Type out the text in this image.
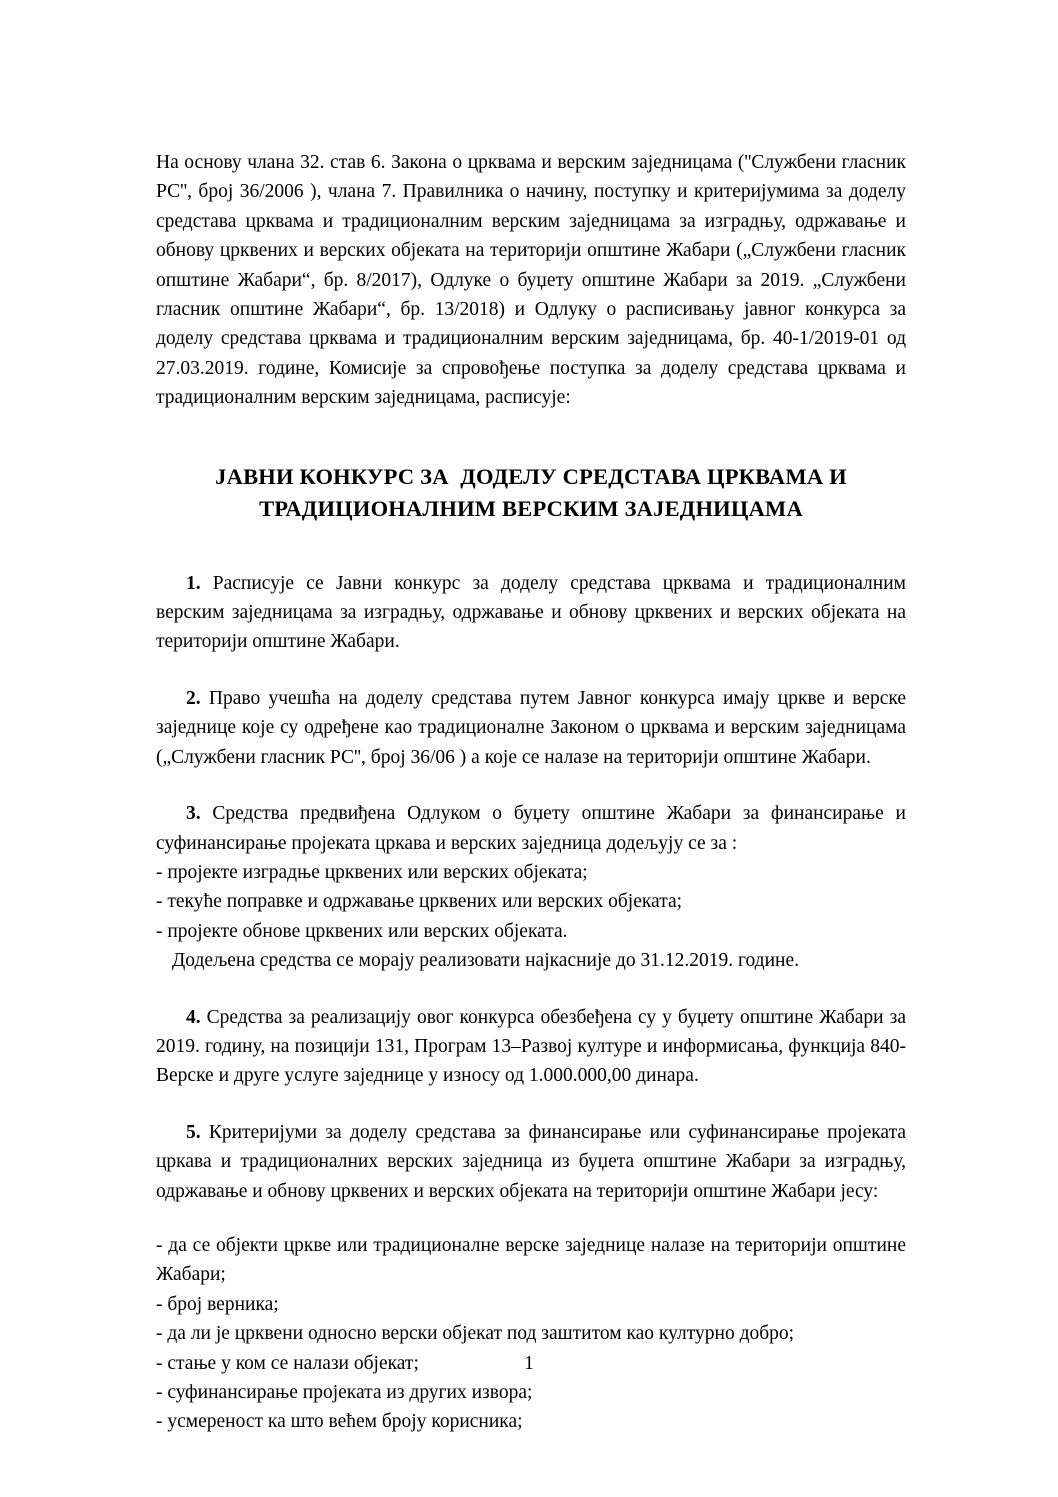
На основу члана 32. став 6. Закона о црквама и верским заједницама (''Службени гласник РС'', број 36/2006 ), члана 7. Правилника о начину, поступку и критеријумима за доделу средстава црквама и традиционалним верским заједницама за изградњу, одржавање и обнову црквених и верских објеката на територији општине Жабари („Службени гласник општине Жабари“, бр. 8/2017), Одлуке о буџету општине Жабари за 2019. „Службени гласник општине Жабари“, бр. 13/2018) и Одлуку о расписивању јавног конкурса за доделу средстава црквама и традиционалним верским заједницама, бр. 40-1/2019-01 од 27.03.2019. године, Комисије за спровођење поступка за доделу средстава црквама и традиционалним верским заједницама, расписује:

ЈАВНИ КОНКУРС ЗА  ДОДЕЛУ СРЕДСТАВА ЦРКВАМА И
ТРАДИЦИОНАЛНИМ ВЕРСКИМ ЗАЈЕДНИЦАМА

1. Расписује се Јавни конкурс за доделу средстава црквама и традиционалним верским заједницама за изградњу, одржавање и обнову црквених и верских објеката на територији општине Жабари.

2. Право учешћа на доделу средстава путем Јавног конкурса имају цркве и верске заједнице које су одређене као традиционалне Законом о црквама и верским заједницама („Службени гласник РС'', број 36/06 ) а које се налазе на територији општине Жабари.

3. Средства предвиђена Одлуком о буџету општине Жабари за финансирање и суфинансирање пројеката цркава и верских заједница додељују се за :

- пројекте изградње црквених или верских објеката;

- текуће поправке и одржавање црквених или верских објеката;

- пројекте обнове црквених или верских објеката.

Додељена средства се морају реализовати најкасније до 31.12.2019. године.

4. Средства за реализацију овог конкурса обезбеђена су у буџету општине Жабари за 2019. годину, на позицији 131, Програм 13–Развој културе и информисања, функција 840-Верске и друге услуге заједнице у износу од 1.000.000,00 динара.

5. Критеријуми за доделу средстава за финансирање или суфинансирање пројеката цркава и традиционалних верских заједница из буџета општине Жабари за изградњу, одржавање и обнову црквених и верских објеката на територији општине Жабари јесу:

- да се објекти цркве или традиционалне верске заједнице налазе на територији општине Жабари;

- број верника;

- да ли је црквени односно верски објекат под заштитом као културно добро;

- стање у ком се налази објекат;

- суфинансирање пројеката из других извора;

- усмереност ка што већем броју корисника;

1
